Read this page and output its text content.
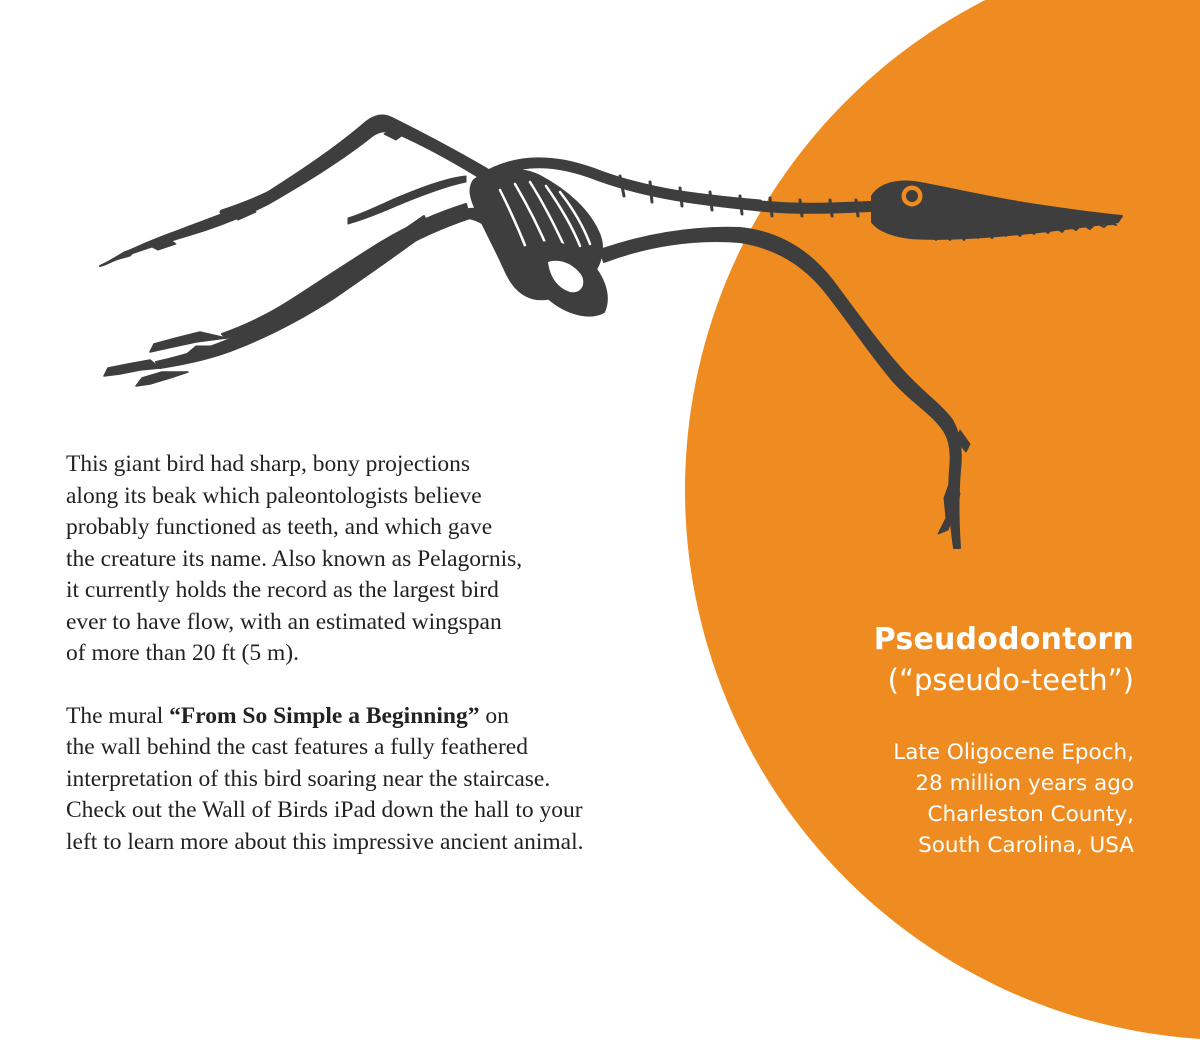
This giant bird had sharp, bony projections
along its beak which paleontologists believe
probably functioned as teeth, and which gave
the creature its name. Also known as Pelagornis,
it currently holds the record as the largest bird
ever to have flow, with an estimated wingspan
of more than 20 ft (5 m).

The mural “From So Simple a Beginning” on
the wall behind the cast features a fully feathered
interpretation of this bird soaring near the staircase.
Check out the Wall of Birds iPad down the hall to your
left to learn more about this impressive ancient animal.

Pseudodontorn
(“pseudo-teeth”)
Late Oligocene Epoch,
28 million years ago
Charleston County,
South Carolina, USA
